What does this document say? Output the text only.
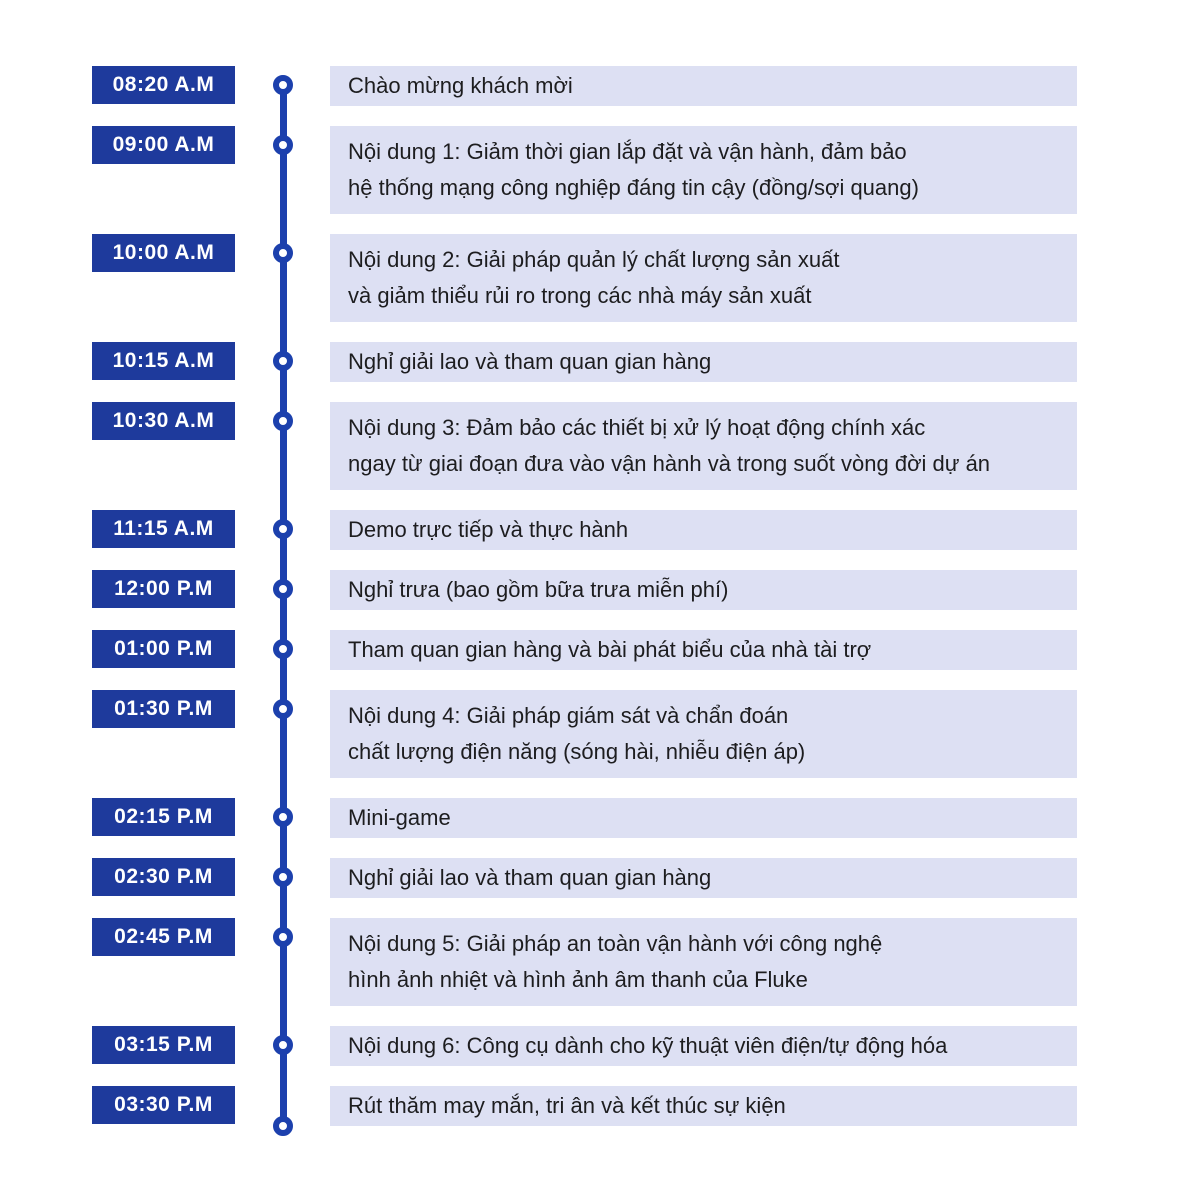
08:20 A.M	Chào mừng khách mời
09:00 A.M	Nội dung 1: Giảm thời gian lắp đặt và vận hành, đảm bảo
hệ thống mạng công nghiệp đáng tin cậy (đồng/sợi quang)
10:00 A.M	Nội dung 2: Giải pháp quản lý chất lượng sản xuất
và giảm thiểu rủi ro trong các nhà máy sản xuất
10:15 A.M	Nghỉ giải lao và tham quan gian hàng
10:30 A.M	Nội dung 3: Đảm bảo các thiết bị xử lý hoạt động chính xác
ngay từ giai đoạn đưa vào vận hành và trong suốt vòng đời dự án
11:15 A.M	Demo trực tiếp và thực hành
12:00 P.M	Nghỉ trưa (bao gồm bữa trưa miễn phí)
01:00 P.M	Tham quan gian hàng và bài phát biểu của nhà tài trợ
01:30 P.M	Nội dung 4: Giải pháp giám sát và chẩn đoán
chất lượng điện năng (sóng hài, nhiễu điện áp)
02:15 P.M	Mini-game
02:30 P.M	Nghỉ giải lao và tham quan gian hàng
02:45 P.M	Nội dung 5: Giải pháp an toàn vận hành với công nghệ
hình ảnh nhiệt và hình ảnh âm thanh của Fluke
03:15 P.M	Nội dung 6: Công cụ dành cho kỹ thuật viên điện/tự động hóa
03:30 P.M	Rút thăm may mắn, tri ân và kết thúc sự kiện
